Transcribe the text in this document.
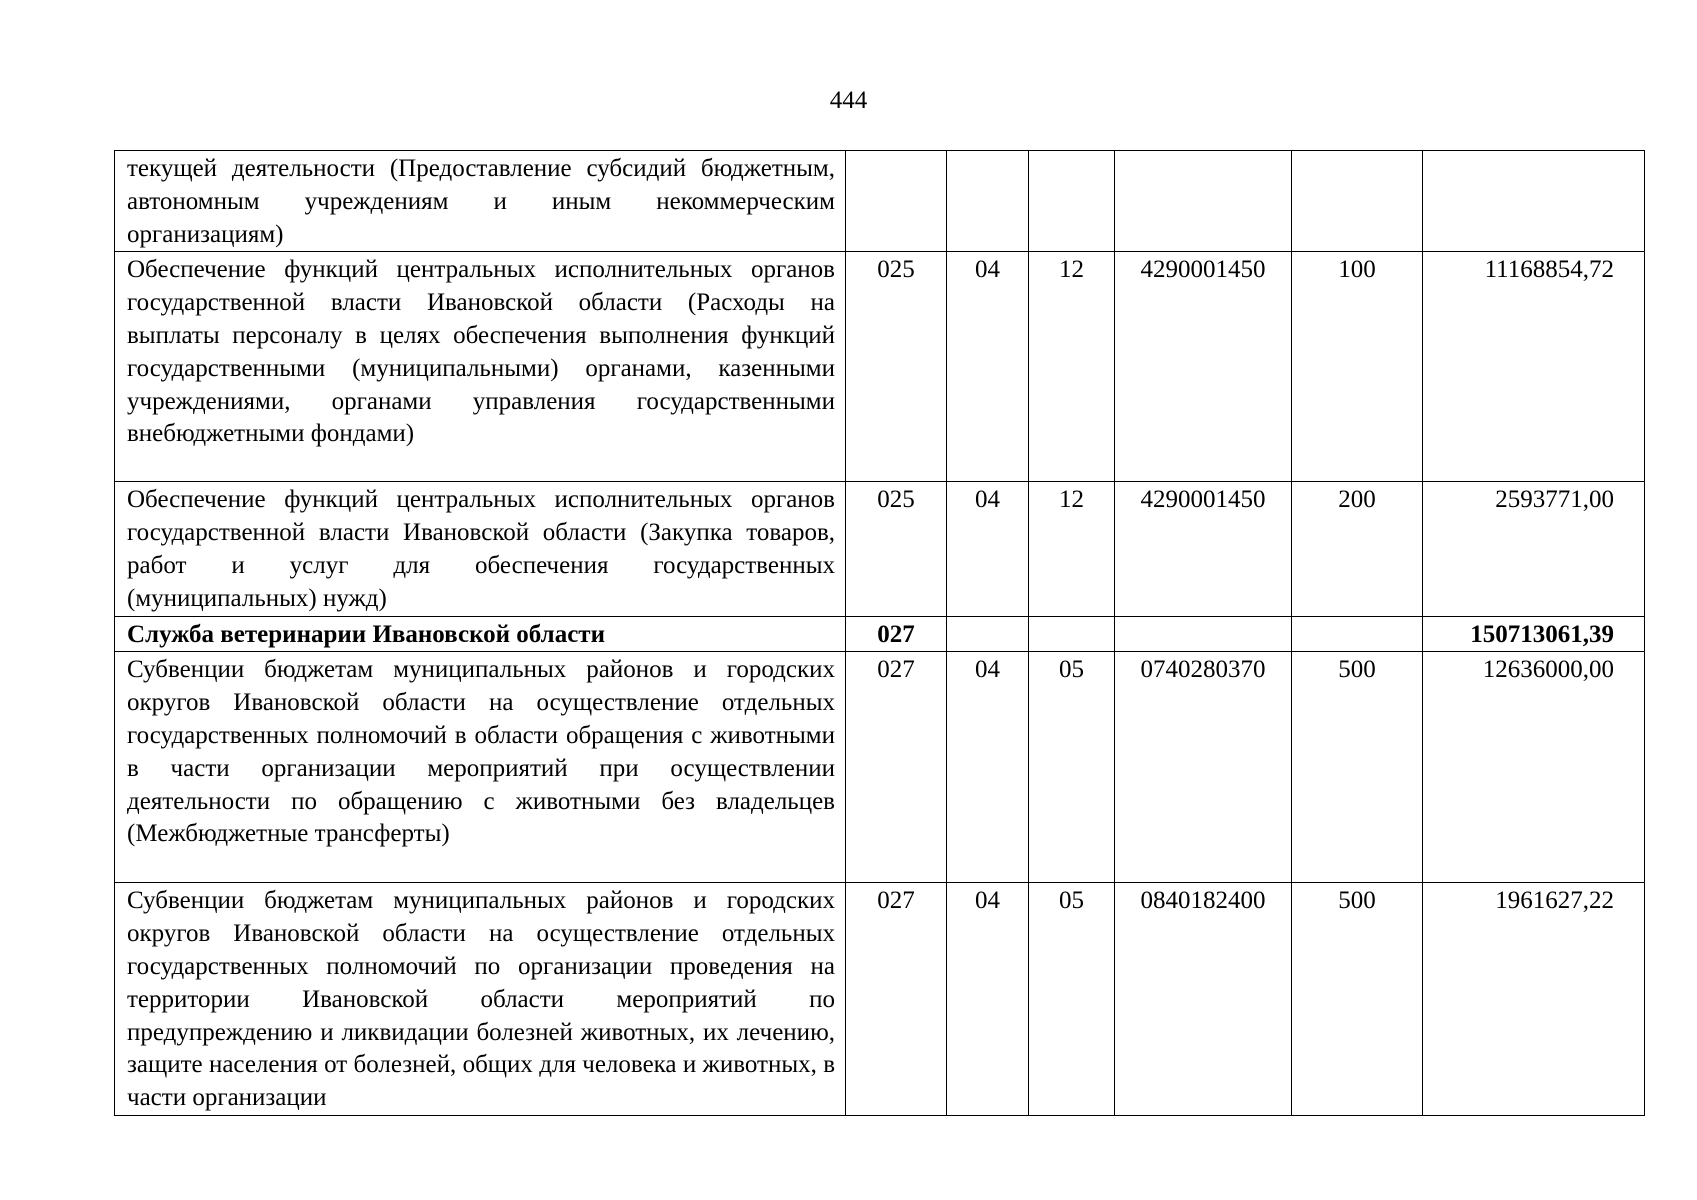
444
текущей деятельности (Предоставление субсидий бюджетным, автономным учреждениям и иным некоммерческим организациям)						
Обеспечение функций центральных исполнительных органов государственной власти Ивановской области (Расходы на выплаты персоналу в целях обеспечения выполнения функций государственными (муниципальными) органами, казенными учреждениями, органами управления государственными внебюджетными фондами)	025	04	12	4290001450	100	11168854,72
Обеспечение функций центральных исполнительных органов государственной власти Ивановской области (Закупка товаров, работ и услуг для обеспечения государственных (муниципальных) нужд)	025	04	12	4290001450	200	2593771,00
Служба ветеринарии Ивановской области	027					150713061,39
Субвенции бюджетам муниципальных районов и городских округов Ивановской области на осуществление отдельных государственных полномочий в области обращения с животными в части организации мероприятий при осуществлении деятельности по обращению с животными без владельцев (Межбюджетные трансферты)	027	04	05	0740280370	500	12636000,00
Субвенции бюджетам муниципальных районов и городских округов Ивановской области на осуществление отдельных государственных полномочий по организации проведения на территории Ивановской области мероприятий по предупреждению и ликвидации болезней животных, их лечению, защите населения от болезней, общих для человека и животных, в части организации	027	04	05	0840182400	500	1961627,22
